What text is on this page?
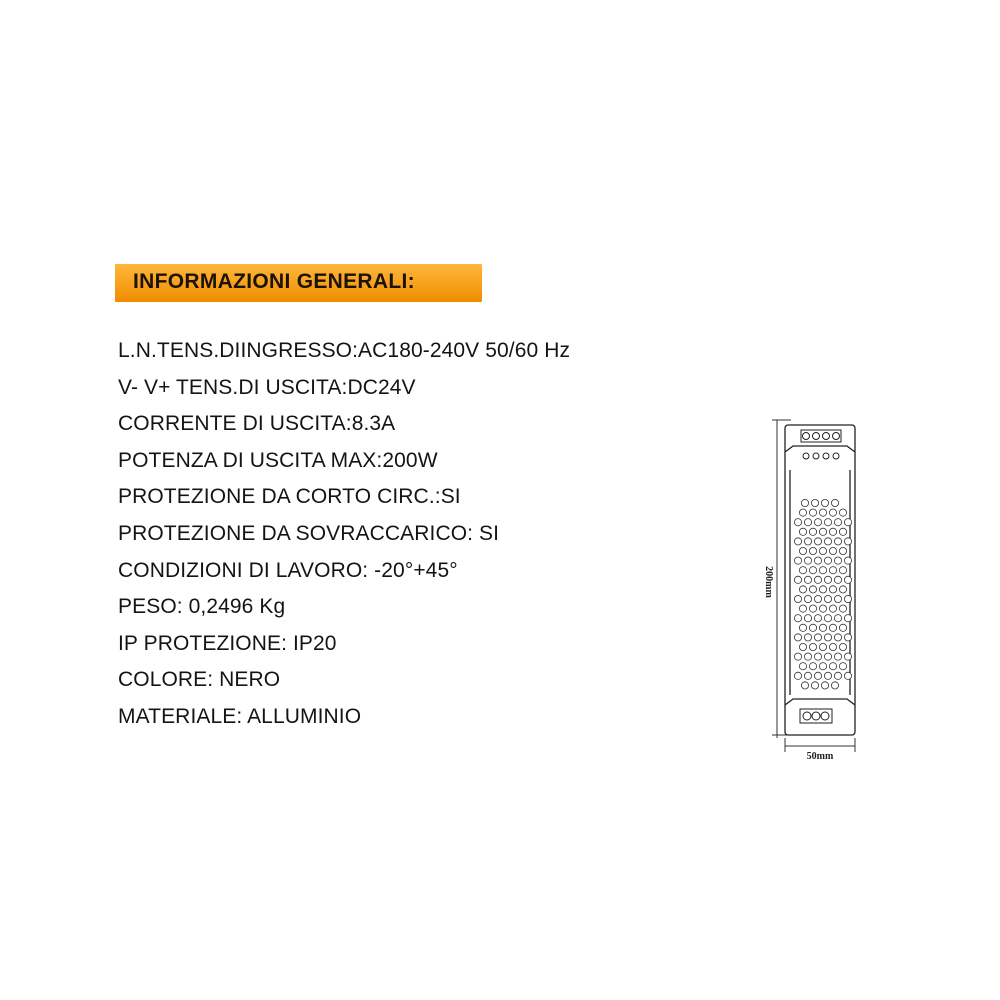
INFORMAZIONI GENERALI:
L.N.TENS.DIINGRESSO:AC180-240V 50/60 Hz
V- V+ TENS.DI USCITA:DC24V
CORRENTE DI USCITA:8.3A
POTENZA DI USCITA MAX:200W
PROTEZIONE DA CORTO CIRC.:SI
PROTEZIONE DA SOVRACCARICO: SI
CONDIZIONI DI LAVORO: -20°+45°
PESO: 0,2496 Kg
IP PROTEZIONE: IP20
COLORE: NERO
MATERIALE: ALLUMINIO
200mm
50mm
